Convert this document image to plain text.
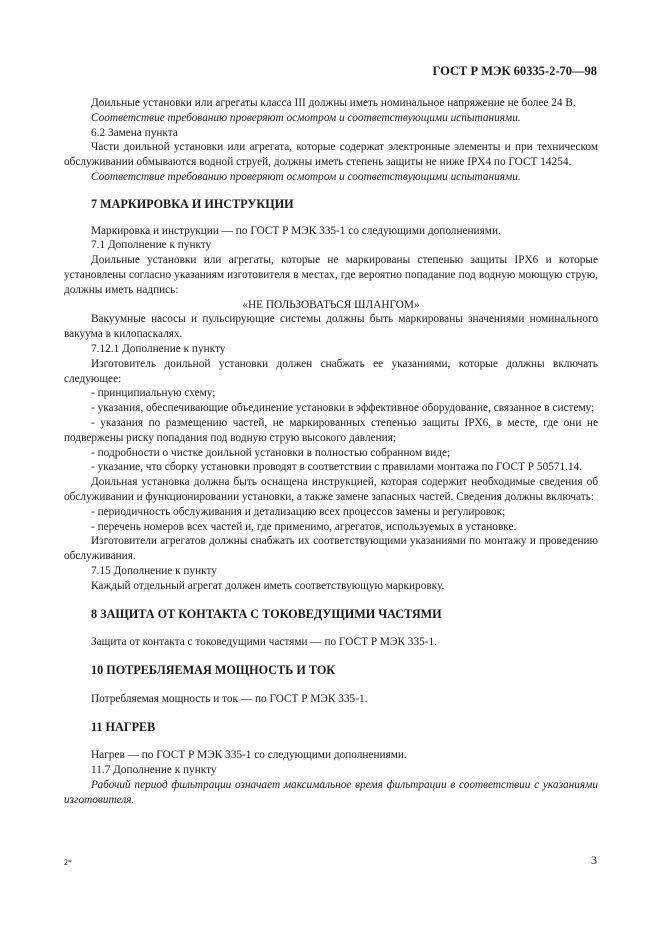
ГОСТ Р МЭК 60335-2-70—98

Доильные установки или агрегаты класса III должны иметь номинальное напряжение не более 24 В.

Соответствие требованию проверяют осмотром и соответствующими испытаниями.

6.2 Замена пункта

Части доильной установки или агрегата, которые содержат электронные элементы и при техническом обслуживании обмываются водной струей, должны иметь степень защиты не ниже IPX4 по ГОСТ 14254.

Соответствие требованию проверяют осмотром и соответствующими испытаниями.

7 МАРКИРОВКА И ИНСТРУКЦИИ

Маркировка и инструкции — по ГОСТ Р МЭК 335-1 со следующими дополнениями.

7.1 Дополнение к пункту

Доильные установки или агрегаты, которые не маркированы степенью защиты IPX6 и которые установлены согласно указаниям изготовителя в местах, где вероятно попадание под водную моющую струю, должны иметь надпись:

«НЕ ПОЛЬЗОВАТЬСЯ ШЛАНГОМ»

Вакуумные насосы и пульсирующие системы должны быть маркированы значениями номинального вакуума в килопаскалях.

7.12.1 Дополнение к пункту

Изготовитель доильной установки должен снабжать ее указаниями, которые должны включать следующее:

- принципиальную схему;

- указания, обеспечивающие объединение установки в эффективное оборудование, связанное в систему;

- указания по размещению частей, не маркированных степенью защиты IPX6, в месте, где они не подвержены риску попадания под водную струю высокого давления;

- подробности о чистке доильной установки в полностью собранном виде;

- указание, что сборку установки проводят в соответствии с правилами монтажа по ГОСТ Р 50571.14.

Доильная установка должна быть оснащена инструкцией, которая содержит необходимые сведения об обслуживании и функционировании установки, а также замене запасных частей. Сведения должны включать:

- периодичность обслуживания и детализацию всех процессов замены и регулировок;

- перечень номеров всех частей и, где применимо, агрегатов, используемых в установке.

Изготовители агрегатов должны снабжать их соответствующими указаниями по монтажу и проведению обслуживания.

7.15 Дополнение к пункту

Каждый отдельный агрегат должен иметь соответствующую маркировку.

8 ЗАЩИТА ОТ КОНТАКТА С ТОКОВЕДУЩИМИ ЧАСТЯМИ

Защита от контакта с токоведущими частями — по ГОСТ Р МЭК 335-1.

10 ПОТРЕБЛЯЕМАЯ МОЩНОСТЬ И ТОК

Потребляемая мощность и ток — по ГОСТ Р МЭК 335-1.

11 НАГРЕВ

Нагрев — по ГОСТ Р МЭК 335-1 со следующими дополнениями.

11.7 Дополнение к пункту

Рабочий период фильтрации означает максимальное время фильтрации в соответствии с указаниями изготовителя.

2*	3
